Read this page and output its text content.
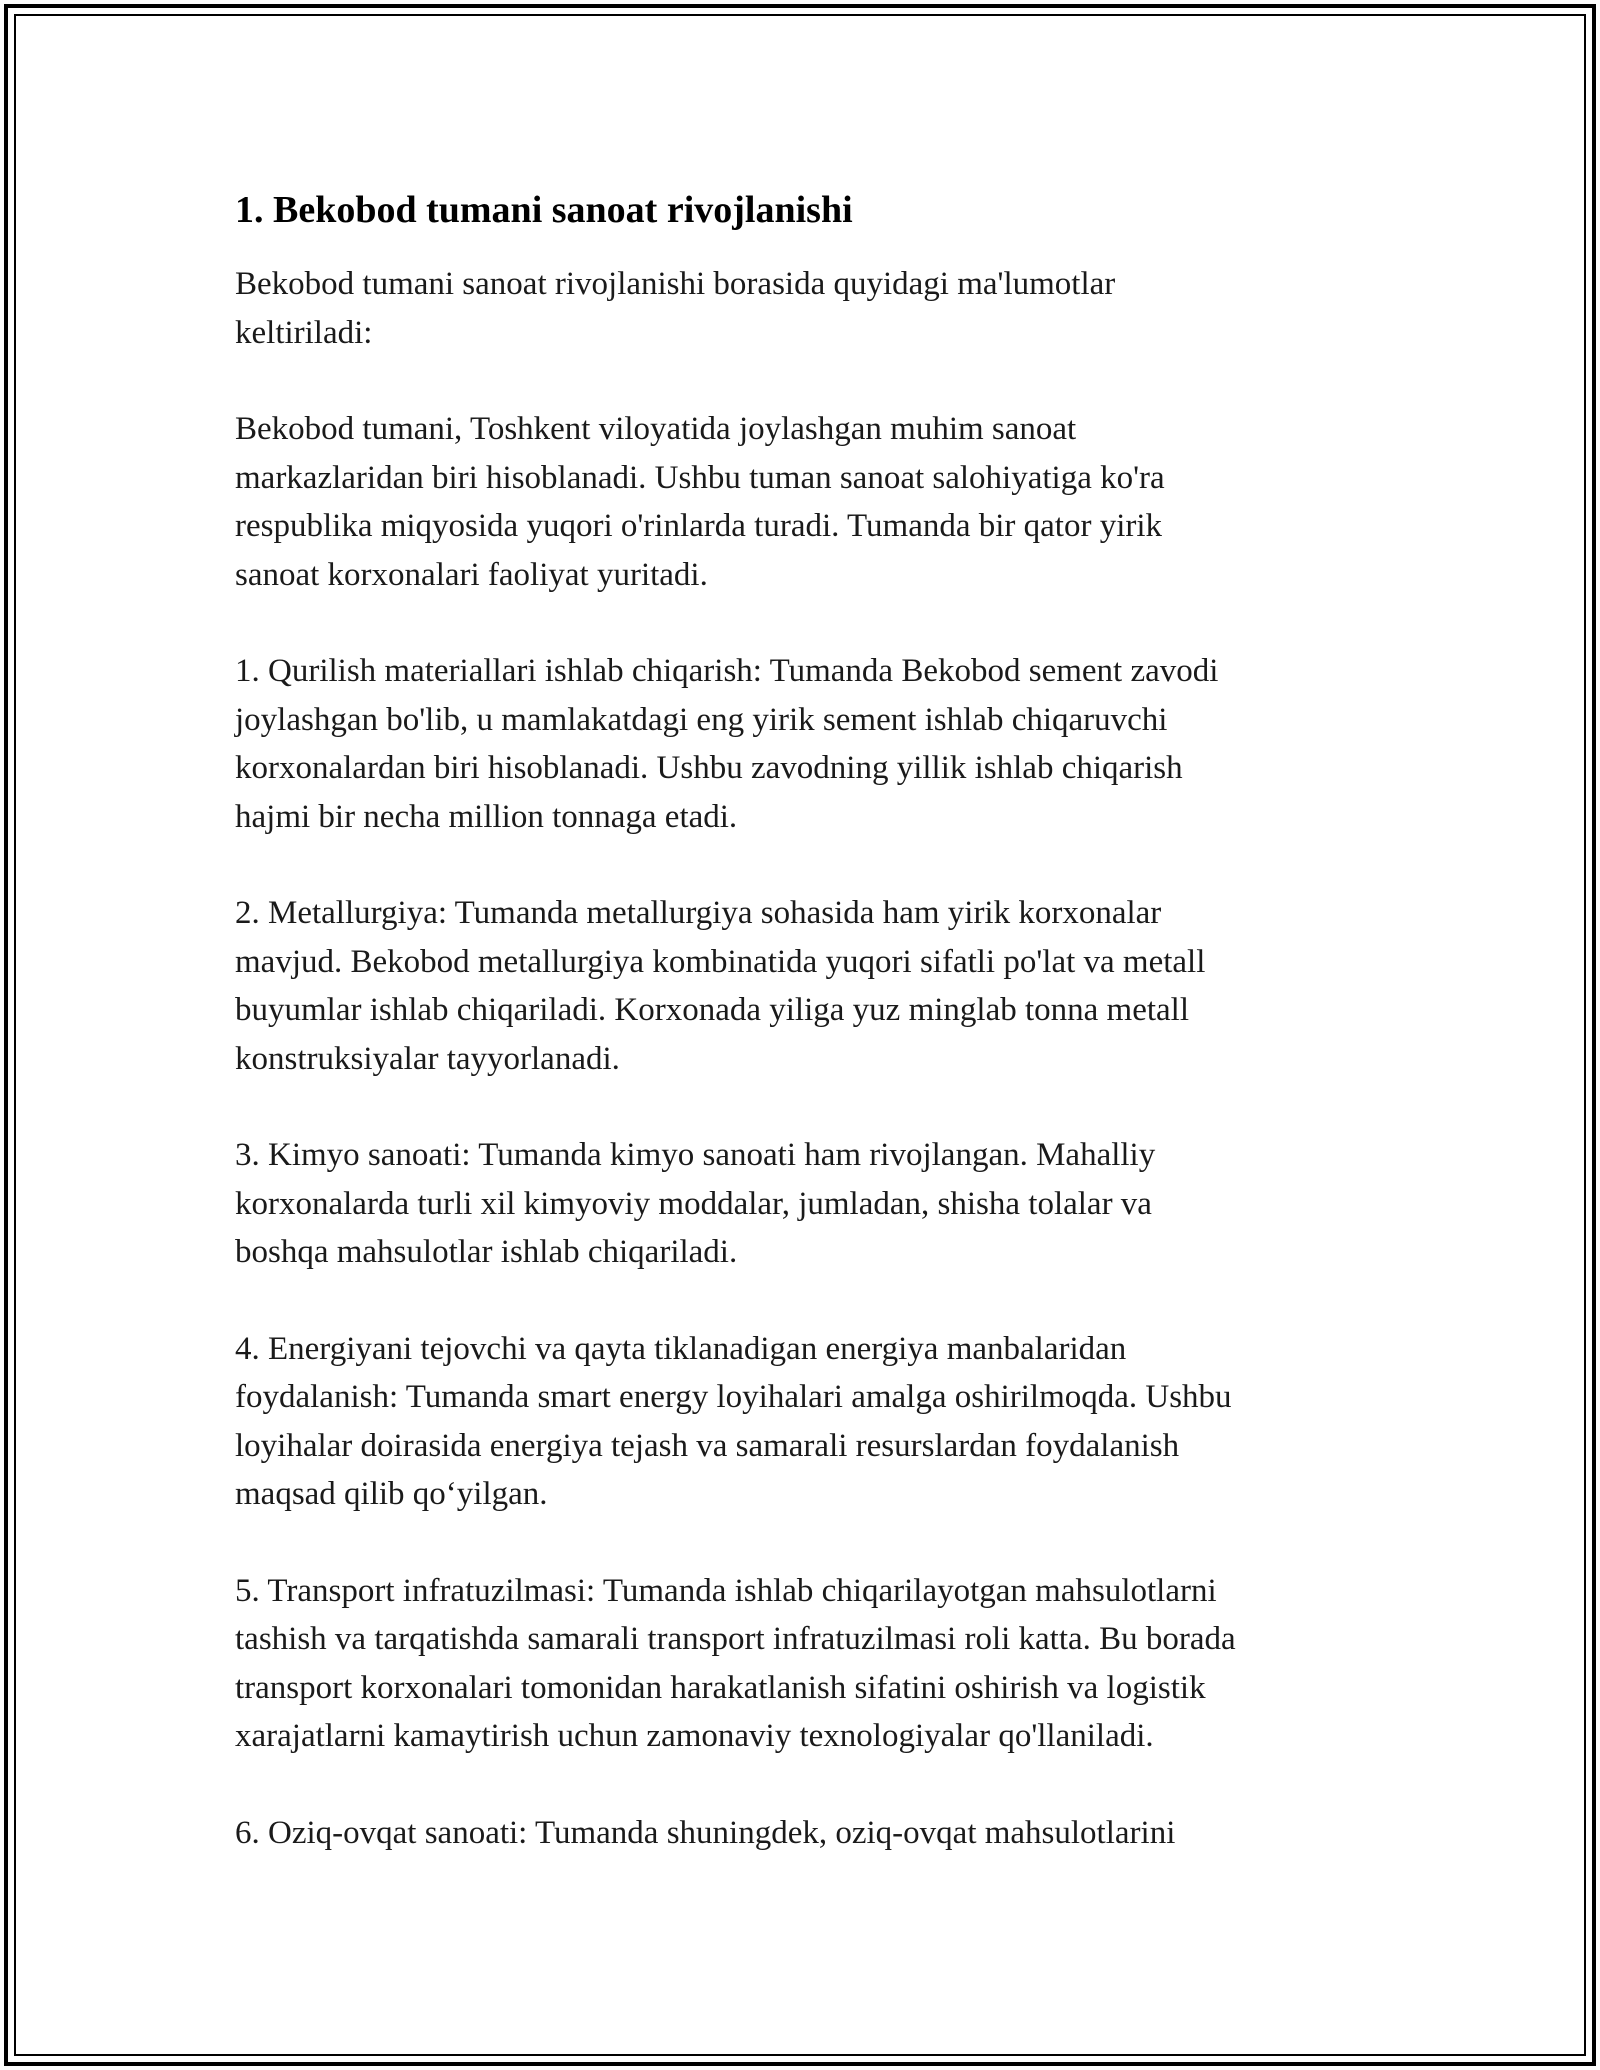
1. Bekobod tumani sanoat rivojlanishi

Bekobod tumani sanoat rivojlanishi borasida quyidagi ma'lumotlar
keltiriladi:

Bekobod tumani, Toshkent viloyatida joylashgan muhim sanoat
markazlaridan biri hisoblanadi. Ushbu tuman sanoat salohiyatiga ko'ra
respublika miqyosida yuqori o'rinlarda turadi. Tumanda bir qator yirik
sanoat korxonalari faoliyat yuritadi.

1. Qurilish materiallari ishlab chiqarish: Tumanda Bekobod sement zavodi
joylashgan bo'lib, u mamlakatdagi eng yirik sement ishlab chiqaruvchi
korxonalardan biri hisoblanadi. Ushbu zavodning yillik ishlab chiqarish
hajmi bir necha million tonnaga etadi.

2. Metallurgiya: Tumanda metallurgiya sohasida ham yirik korxonalar
mavjud. Bekobod metallurgiya kombinatida yuqori sifatli po'lat va metall
buyumlar ishlab chiqariladi. Korxonada yiliga yuz minglab tonna metall
konstruksiyalar tayyorlanadi.

3. Kimyo sanoati: Tumanda kimyo sanoati ham rivojlangan. Mahalliy
korxonalarda turli xil kimyoviy moddalar, jumladan, shisha tolalar va
boshqa mahsulotlar ishlab chiqariladi.

4. Energiyani tejovchi va qayta tiklanadigan energiya manbalaridan
foydalanish: Tumanda smart energy loyihalari amalga oshirilmoqda. Ushbu
loyihalar doirasida energiya tejash va samarali resurslardan foydalanish
maqsad qilib qo‘yilgan.

5. Transport infratuzilmasi: Tumanda ishlab chiqarilayotgan mahsulotlarni
tashish va tarqatishda samarali transport infratuzilmasi roli katta. Bu borada
transport korxonalari tomonidan harakatlanish sifatini oshirish va logistik
xarajatlarni kamaytirish uchun zamonaviy texnologiyalar qo'llaniladi.

6. Oziq-ovqat sanoati: Tumanda shuningdek, oziq-ovqat mahsulotlarini
